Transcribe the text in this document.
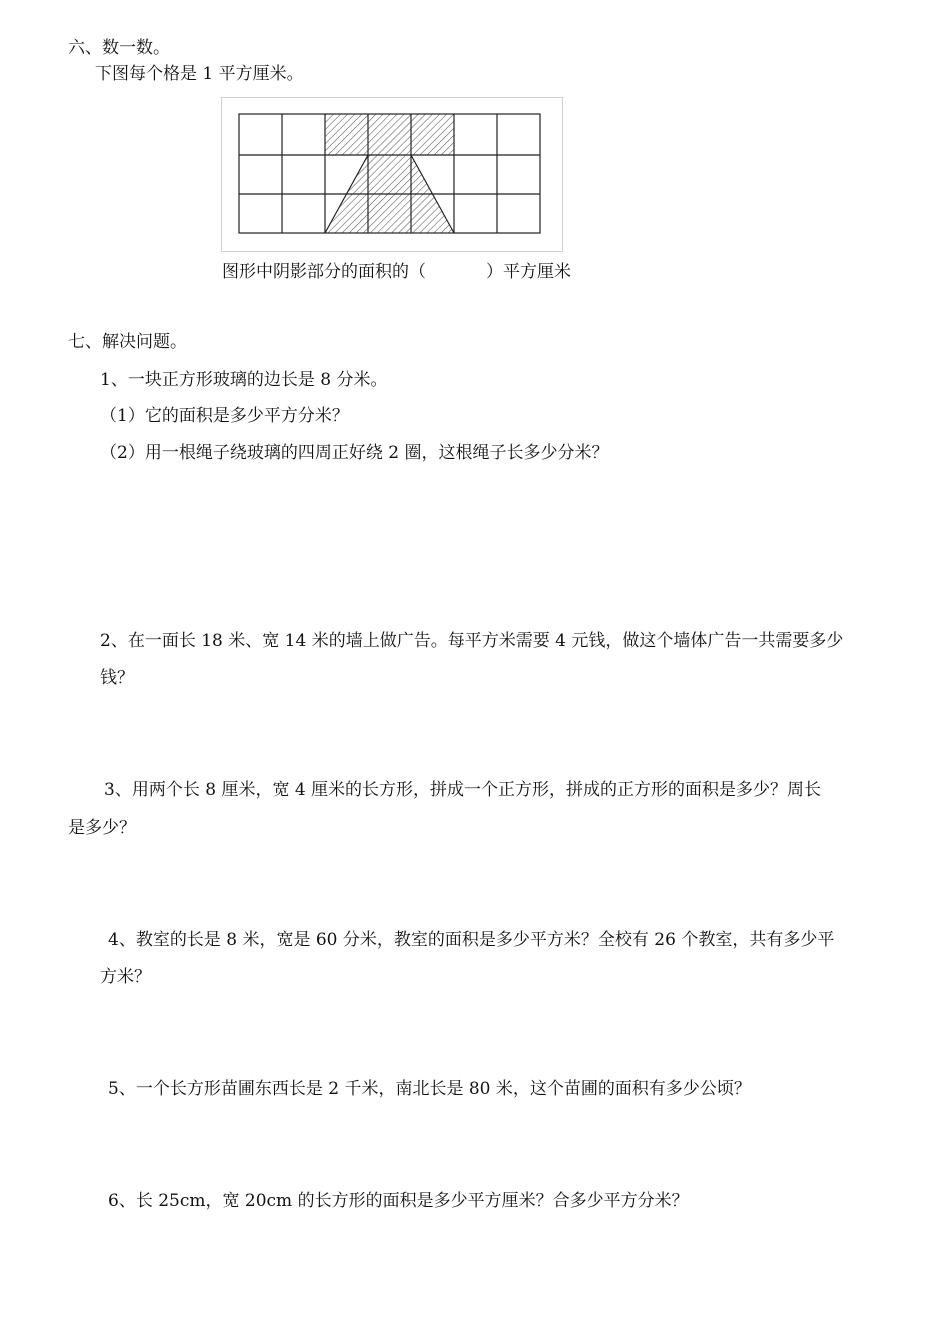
六、数一数。
下图每个格是 1 平方厘米。
图形中阴影部分的面积的（	）平方厘米
七、解决问题。
1、一块正方形玻璃的边长是 8 分米。
（1）它的面积是多少平方分米？
（2）用一根绳子绕玻璃的四周正好绕 2 圈，这根绳子长多少分米？
2、在一面长 18 米、宽 14 米的墙上做广告。每平方米需要 4 元钱，做这个墙体广告一共需要多少
钱？
3、用两个长 8 厘米，宽 4 厘米的长方形，拼成一个正方形，拼成的正方形的面积是多少？周长
是多少？
4、教室的长是 8 米，宽是 60 分米，教室的面积是多少平方米？全校有 26 个教室，共有多少平
方米？
5、一个长方形苗圃东西长是 2 千米，南北长是 80 米，这个苗圃的面积有多少公顷？
6、长 25cm，宽 20cm 的长方形的面积是多少平方厘米？合多少平方分米？
